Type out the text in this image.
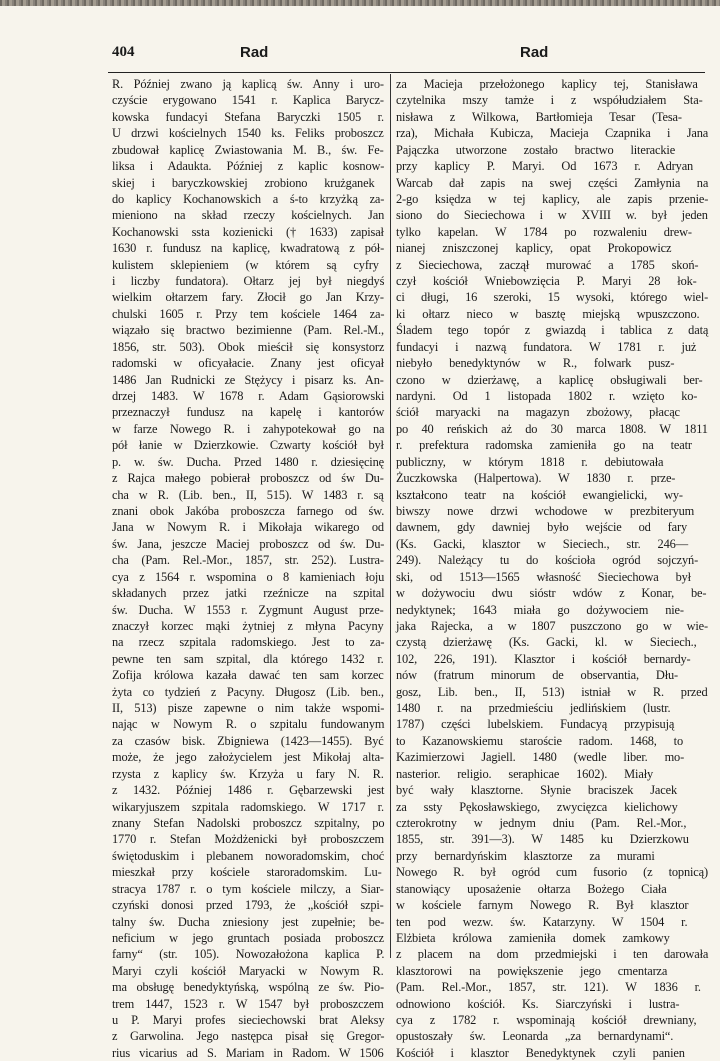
404	Rad	Rad
R. Później zwano ją kaplicą św. Anny i uro-
czyście erygowano 1541 r. Kaplica Barycz-
kowska fundacyi Stefana Baryczki 1505 r.
U drzwi kościelnych 1540 ks. Feliks proboszcz
zbudował kaplicę Zwiastowania M. B., św. Fe-
liksa i Adaukta. Później z kaplic kosnow-
skiej i baryczkowskiej zrobiono krużganek
do kaplicy Kochanowskich a ś-to krzyżką za-
mieniono na skład rzeczy kościelnych. Jan
Kochanowski ssta kozienicki († 1633) zapisał
1630 r. fundusz na kaplicę, kwadratową z pół-
kulistem sklepieniem (w którem są cyfry
i liczby fundatora). Ołtarz jej był niegdyś
wielkim ołtarzem fary. Złocił go Jan Krzy-
chulski 1605 r. Przy tem kościele 1464 za-
wiązało się bractwo bezimienne (Pam. Rel.-M.,
1856, str. 503). Obok mieścił się konsystorz
radomski w oficyałacie. Znany jest oficyał
1486 Jan Rudnicki ze Stężycy i pisarz ks. An-
drzej 1483. W 1678 r. Adam Gąsiorowski
przeznaczył fundusz na kapelę i kantorów
w farze Nowego R. i zahypotekował go na
pół łanie w Dzierzkowie. Czwarty kościół był
p. w. św. Ducha. Przed 1480 r. dziesięcinę
z Rajca małego pobierał proboszcz od św Du-
cha w R. (Lib. ben., II, 515). W 1483 r. są
znani obok Jakóba proboszcza farnego od św.
Jana w Nowym R. i Mikołaja wikarego od
św. Jana, jeszcze Maciej proboszcz od św. Du-
cha (Pam. Rel.-Mor., 1857, str. 252). Lustra-
cya z 1564 r. wspomina o 8 kamieniach łoju
składanych przez jatki rzeźnicze na szpital
św. Ducha. W 1553 r. Zygmunt August prze-
znaczył korzec mąki żytniej z młyna Pacyny
na rzecz szpitala radomskiego. Jest to za-
pewne ten sam szpital, dla którego 1432 r.
Zofija królowa kazała dawać ten sam korzec
żyta co tydzień z Pacyny. Długosz (Lib. ben.,
II, 513) pisze zapewne o nim także wspomi-
nając w Nowym R. o szpitalu fundowanym
za czasów bisk. Zbigniewa (1423—1455). Być
może, że jego założycielem jest Mikołaj alta-
rzysta z kaplicy św. Krzyża u fary N. R.
z 1432. Później 1486 r. Gębarzewski jest
wikaryjuszem szpitala radomskiego. W 1717 r.
znany Stefan Nadolski proboszcz szpitalny, po
1770 r. Stefan Możdżenicki był proboszczem
świętoduskim i plebanem noworadomskim, choć
mieszkał przy kościele staroradomskim. Lu-
stracya 1787 r. o tym kościele milczy, a Siar-
czyński donosi przed 1793, że „kościół szpi-
talny św. Ducha zniesiony jest zupełnie; be-
neficium w jego gruntach posiada proboszcz
farny“ (str. 105). Nowozałożona kaplica P.
Maryi czyli kościół Maryacki w Nowym R.
ma obsługę benedyktyńską, wspólną ze św. Pio-
trem 1447, 1523 r. W 1547 był proboszczem
u P. Maryi profes sieciechowski brat Aleksy
z Garwolina. Jego następca pisał się Gregor-
rius vicarius ad S. Mariam in Radom. W 1506
za Macieja przełożonego kaplicy tej, Stanisława
czytelnika mszy tamże i z współudziałem Sta-
nisława z Wilkowa, Bartłomieja Tesar (Tesa-
rza), Michała Kubicza, Macieja Czapnika i Jana
Pajączka utworzone zostało bractwo literackie
przy kaplicy P. Maryi. Od 1673 r. Adryan
Warcab dał zapis na swej części Zamłynia na
2-go księdza w tej kaplicy, ale zapis przenie-
siono do Sieciechowa i w XVIII w. był jeden
tylko kapelan. W 1784 po rozwaleniu drew-
nianej zniszczonej kaplicy, opat Prokopowicz
z Sieciechowa, zaczął murować a 1785 skoń-
czył kościół Wniebowzięcia P. Maryi 28 łok-
ci długi, 16 szeroki, 15 wysoki, którego wiel-
ki ołtarz nieco w basztę miejską wpuszczono.
Śladem tego topór z gwiazdą i tablica z datą
fundacyi i nazwą fundatora. W 1781 r. już
niebyło benedyktynów w R., folwark pusz-
czono w dzierżawę, a kaplicę obsługiwali ber-
nardyni. Od 1 listopada 1802 r. wzięto ko-
ściół maryacki na magazyn zbożowy, płacąc
po 40 reńskich aż do 30 marca 1808. W 1811
r. prefektura radomska zamieniła go na teatr
publiczny, w którym 1818 r. debiutowała
Żuczkowska (Halpertowa). W 1830 r. prze-
kształcono teatr na kościół ewangielicki, wy-
biwszy nowe drzwi wchodowe w prezbiteryum
dawnem, gdy dawniej było wejście od fary
(Ks. Gacki, klasztor w Sieciech., str. 246—
249). Należący tu do kościoła ogród sojczyń-
ski, od 1513—1565 własność Sieciechowa był
w dożywociu dwu sióstr wdów z Konar, be-
nedyktynek; 1643 miała go dożywociem nie-
jaka Rajecka, a w 1807 puszczono go w wie-
czystą dzierżawę (Ks. Gacki, kl. w Sieciech.,
102, 226, 191). Klasztor i kościół bernardy-
nów (fratrum minorum de observantia, Dłu-
gosz, Lib. ben., II, 513) istniał w R. przed
1480 r. na przedmieściu jedlińskiem (lustr.
1787) części lubelskiem. Fundacyą przypisują
to Kazanowskiemu staroście radom. 1468, to
Kazimierzowi Jagiell. 1480 (wedle liber. mo-
nasterior. religio. seraphicae 1602). Miały
być wały klasztorne. Słynie braciszek Jacek
za ssty Pękosławskiego, zwycięzca kielichowy
czterokrotny w jednym dniu (Pam. Rel.-Mor.,
1855, str. 391—3). W 1485 ku Dzierzkowu
przy bernardyńskim klasztorze za murami
Nowego R. był ogród cum fusorio (z topnicą)
stanowiący uposażenie ołtarza Bożego Ciała
w kościele farnym Nowego R. Był klasztor
ten pod wezw. św. Katarzyny. W 1504 r.
Elżbieta królowa zamieniła domek zamkowy
z placem na dom przedmiejski i ten darowała
klasztorowi na powiększenie jego cmentarza
(Pam. Rel.-Mor., 1857, str. 121). W 1836 r.
odnowiono kościół. Ks. Siarczyński i lustra-
cya z 1782 r. wspominają kościół drewniany,
opustoszały św. Leonarda „za bernardynami“.
Kościół i klasztor Benedyktynek czyli panien
